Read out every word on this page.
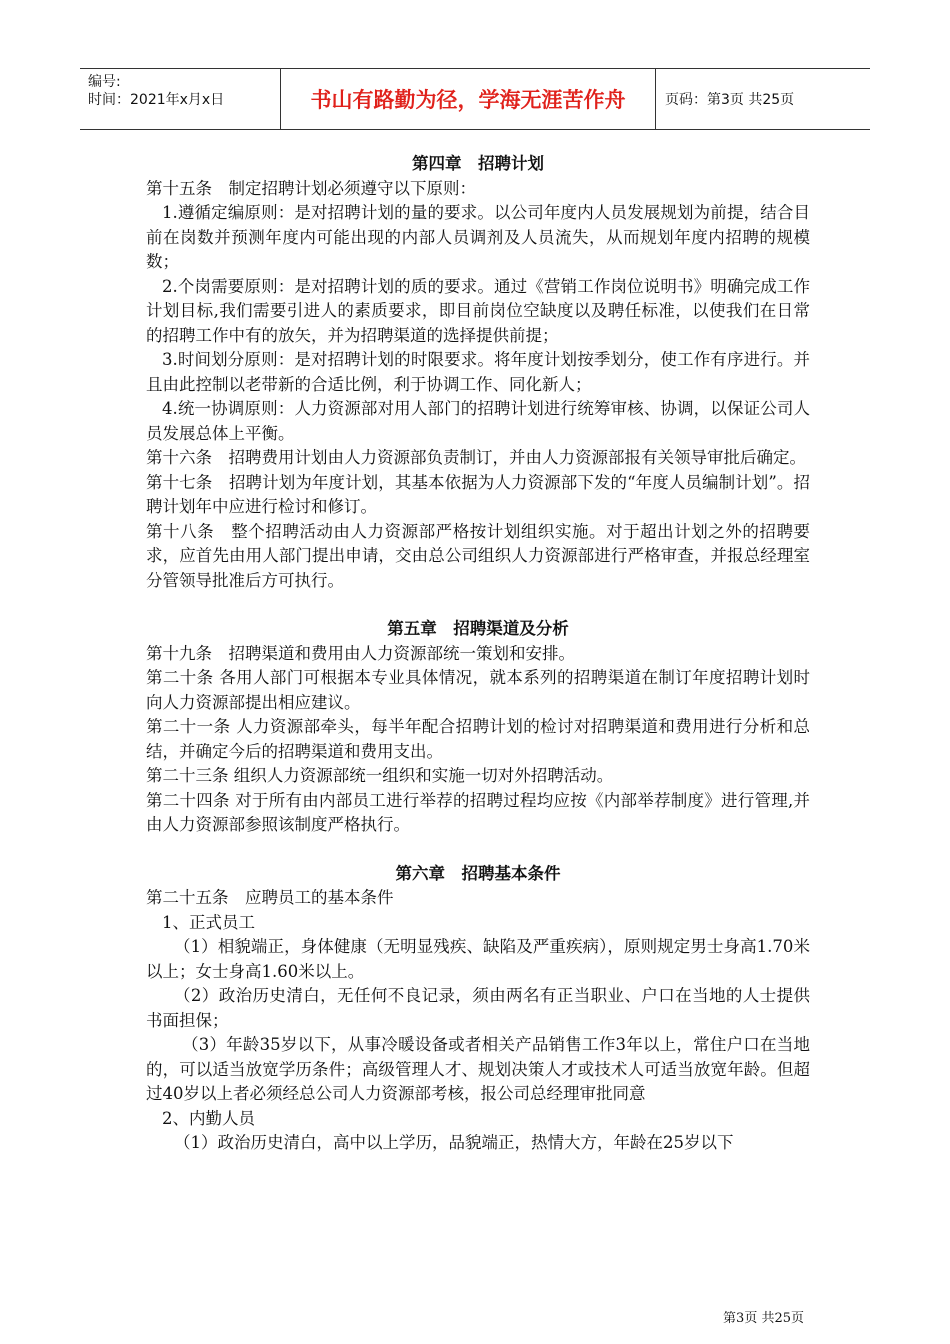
编号:
时间：2021年x月x日	书山有路勤为径，学海无涯苦作舟	页码：第3页 共25页

第四章　招聘计划

第十五条　制定招聘计划必须遵守以下原则：

1.遵循定编原则：是对招聘计划的量的要求。以公司年度内人员发展规划为前提，结合目前在岗数并预测年度内可能出现的内部人员调剂及人员流失，从而规划年度内招聘的规模数；

2.个岗需要原则：是对招聘计划的质的要求。通过《营销工作岗位说明书》明确完成工作计划目标,我们需要引进人的素质要求，即目前岗位空缺度以及聘任标准，以使我们在日常的招聘工作中有的放矢，并为招聘渠道的选择提供前提；

3.时间划分原则：是对招聘计划的时限要求。将年度计划按季划分，使工作有序进行。并且由此控制以老带新的合适比例，利于协调工作、同化新人；

4.统一协调原则：人力资源部对用人部门的招聘计划进行统筹审核、协调，以保证公司人员发展总体上平衡。

第十六条　招聘费用计划由人力资源部负责制订，并由人力资源部报有关领导审批后确定。

第十七条　招聘计划为年度计划，其基本依据为人力资源部下发的“年度人员编制计划”。招聘计划年中应进行检讨和修订。

第十八条　整个招聘活动由人力资源部严格按计划组织实施。对于超出计划之外的招聘要求，应首先由用人部门提出申请，交由总公司组织人力资源部进行严格审查，并报总经理室分管领导批准后方可执行。

第五章　招聘渠道及分析

第十九条　招聘渠道和费用由人力资源部统一策划和安排。

第二十条 各用人部门可根据本专业具体情况，就本系列的招聘渠道在制订年度招聘计划时向人力资源部提出相应建议。

第二十一条 人力资源部牵头，每半年配合招聘计划的检讨对招聘渠道和费用进行分析和总结，并确定今后的招聘渠道和费用支出。

第二十三条 组织人力资源部统一组织和实施一切对外招聘活动。

第二十四条 对于所有由内部员工进行举荐的招聘过程均应按《内部举荐制度》进行管理,并由人力资源部参照该制度严格执行。

第六章　招聘基本条件

第二十五条　应聘员工的基本条件

1、正式员工

（1）相貌端正，身体健康（无明显残疾、缺陷及严重疾病），原则规定男士身高1.70米以上；女士身高1.60米以上。

（2）政治历史清白，无任何不良记录，须由两名有正当职业、户口在当地的人士提供书面担保；

（3）年龄35岁以下，从事冷暖设备或者相关产品销售工作3年以上，常住户口在当地的，可以适当放宽学历条件；高级管理人才、规划决策人才或技术人可适当放宽年龄。但超过40岁以上者必须经总公司人力资源部考核，报公司总经理审批同意

2、内勤人员

（1）政治历史清白，高中以上学历，品貌端正，热情大方，年龄在25岁以下

第3页 共25页
